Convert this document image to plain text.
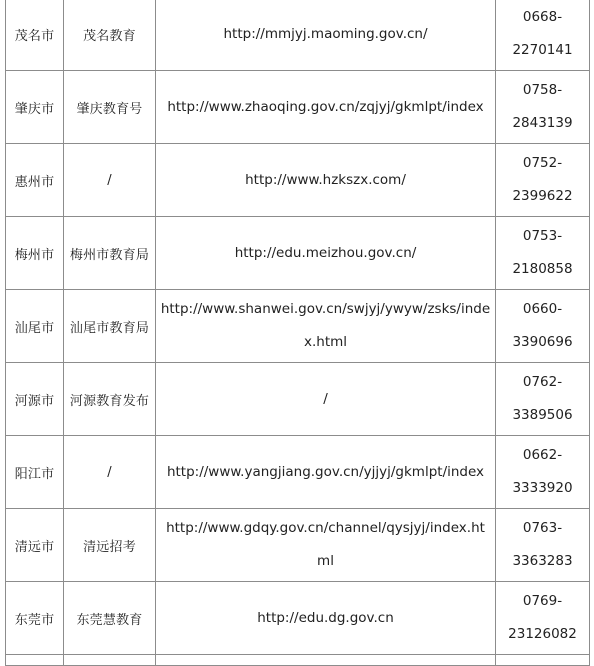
茂名市	茂名教育	http://mmjyj.maoming.gov.cn/	0668-
2270141

肇庆市	肇庆教育号	http://www.zhaoqing.gov.cn/zqjyj/gkmlpt/index	0758-
2843139

惠州市	/	http://www.hzkszx.com/	0752-
2399622

梅州市	梅州市教育局	http://edu.meizhou.gov.cn/	0753-
2180858

汕尾市	汕尾市教育局	http://www.shanwei.gov.cn/swjyj/ywyw/zsks/inde
x.html	0660-
3390696

河源市	河源教育发布	/	0762-
3389506

阳江市	/	http://www.yangjiang.gov.cn/yjjyj/gkmlpt/index	0662-
3333920

清远市	清远招考	http://www.gdqy.gov.cn/channel/qysjyj/index.ht
ml	0763-
3363283

东莞市	东莞慧教育	http://edu.dg.gov.cn	0769-
23126082
